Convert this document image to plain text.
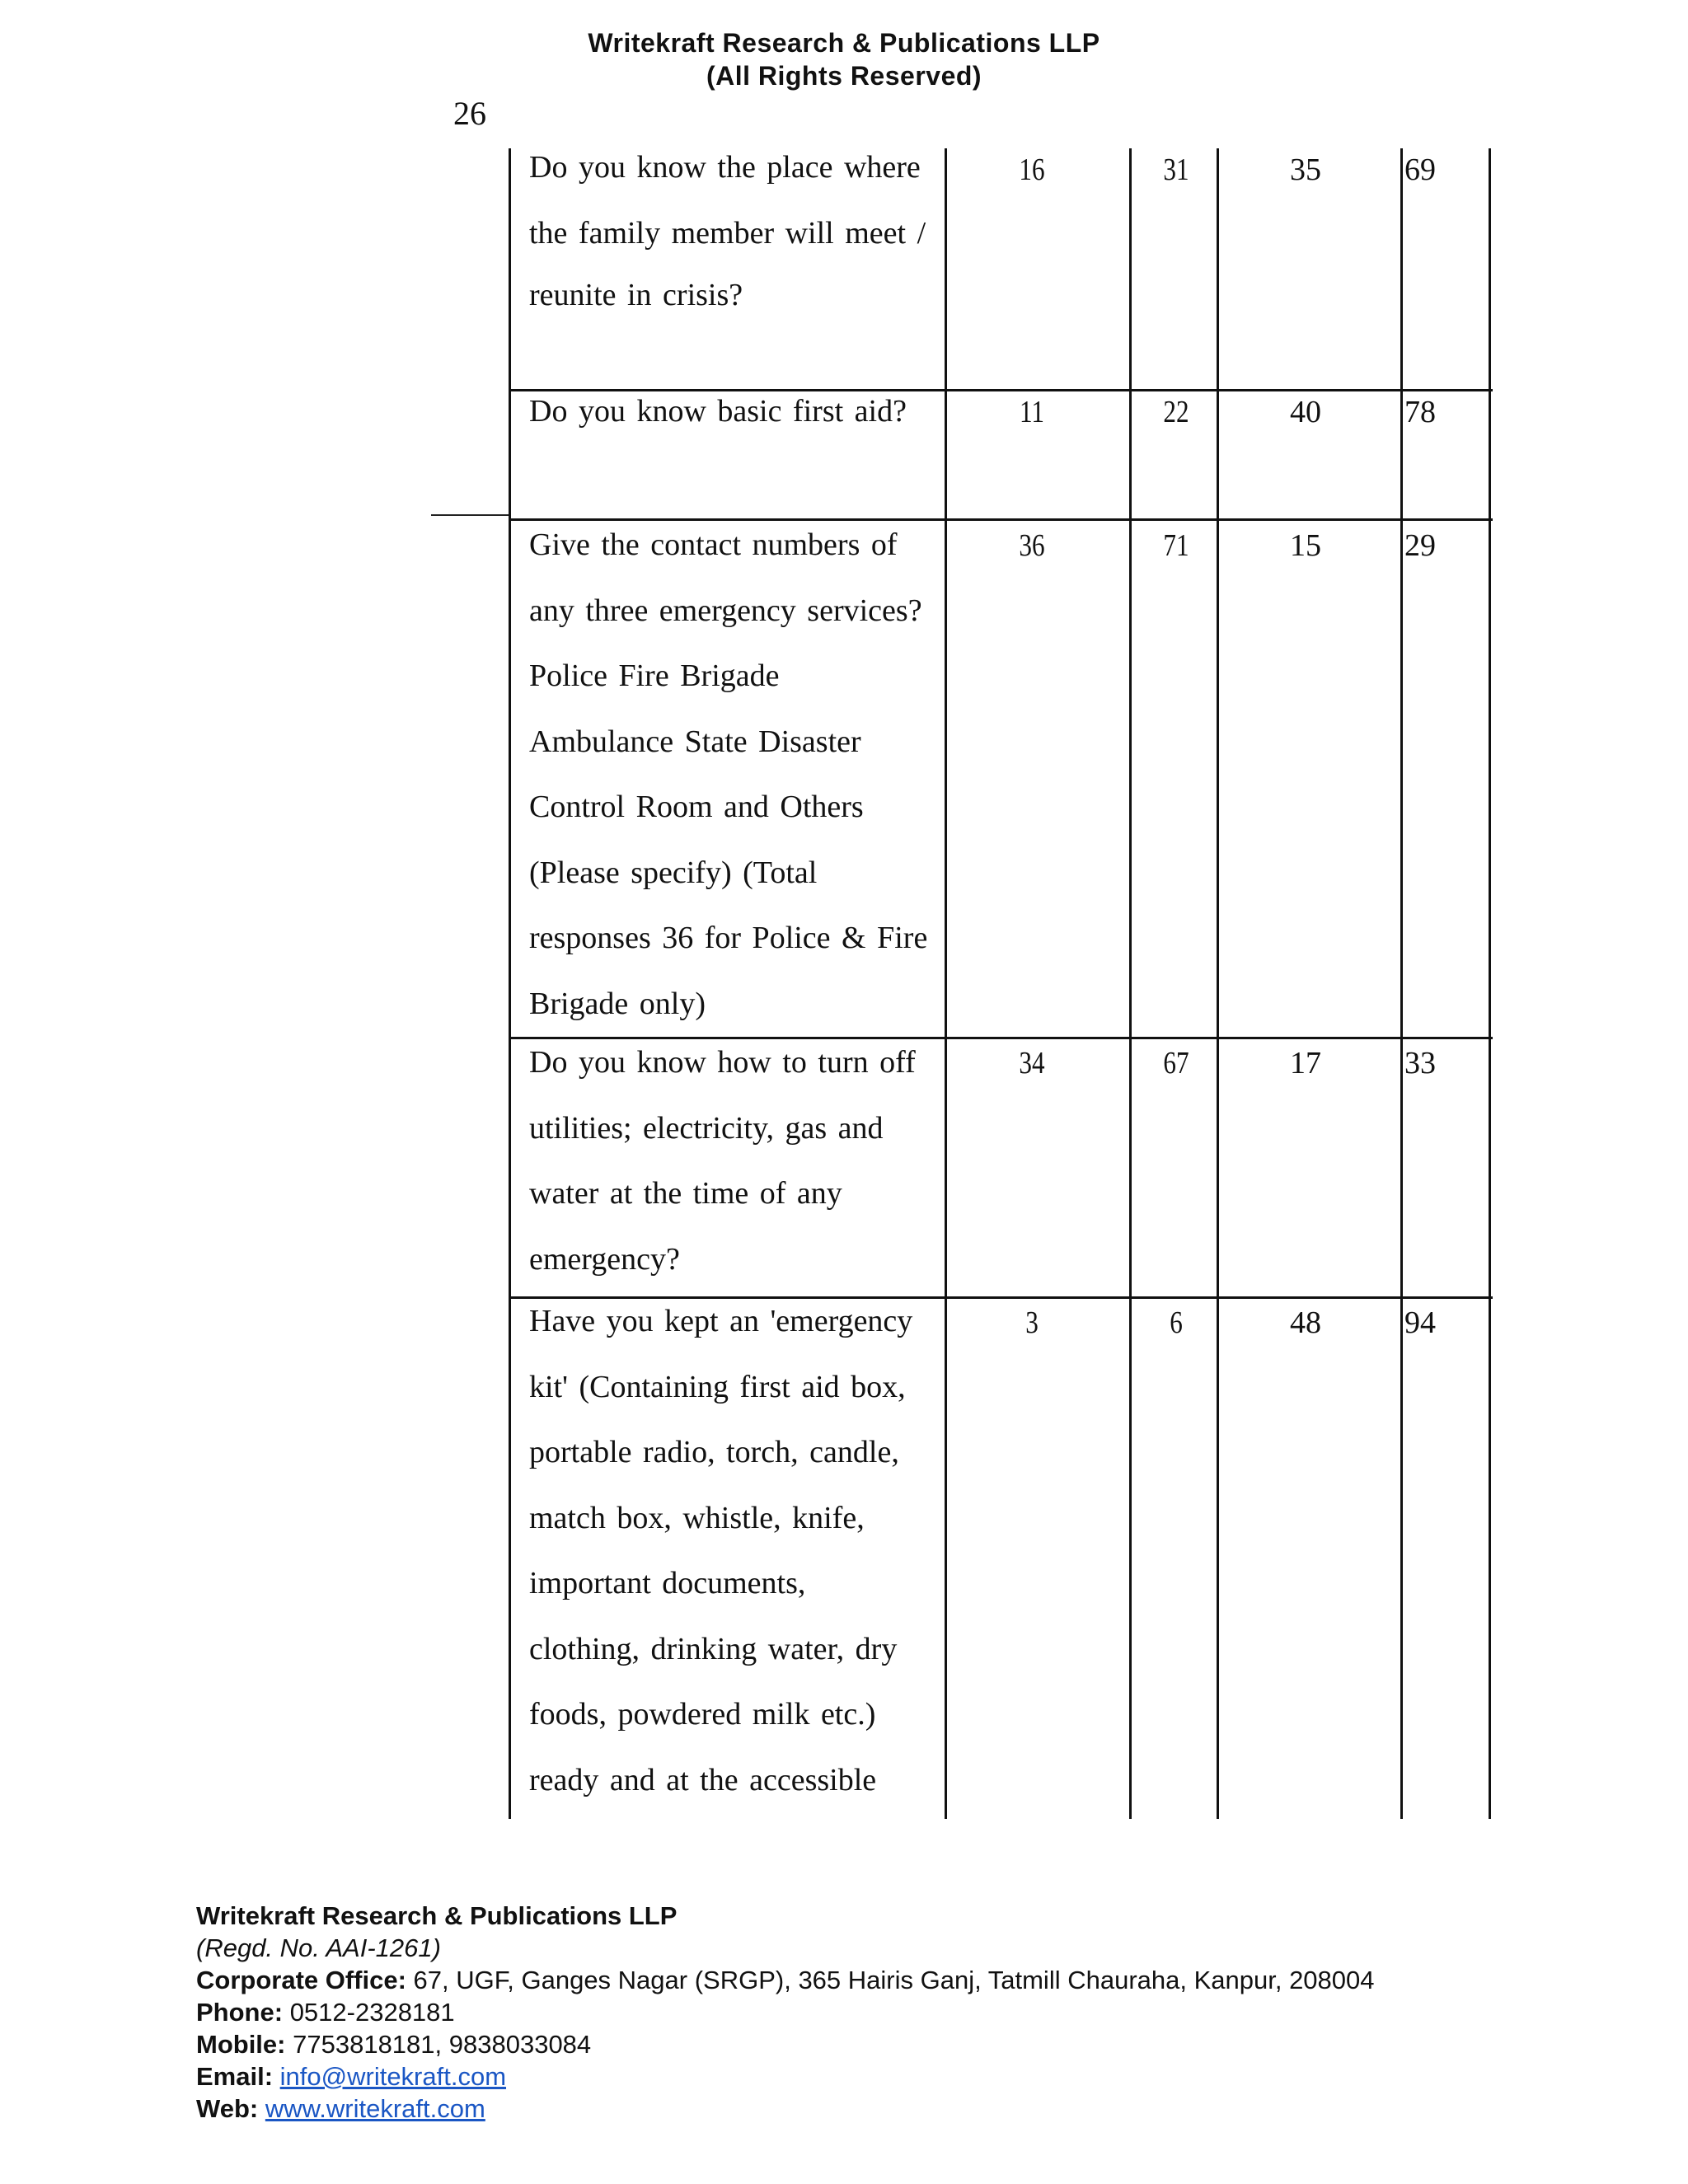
Writekraft Research & Publications LLP
(All Rights Reserved)
26
Do you know the place where
the family member will meet /
reunite in crisis?
16	31	35	69
Do you know basic first aid?	11	22	40	78
Give the contact numbers of
any three emergency services?
Police Fire Brigade
Ambulance State Disaster
Control Room and Others
(Please specify) (Total
responses 36 for Police & Fire
Brigade only)
36	71	15	29
Do you know how to turn off
utilities; electricity, gas and
water at the time of any
emergency?
34	67	17	33
Have you kept an 'emergency
kit' (Containing first aid box,
portable radio, torch, candle,
match box, whistle, knife,
important documents,
clothing, drinking water, dry
foods, powdered milk etc.)
ready and at the accessible
3	6	48	94
Writekraft Research & Publications LLP
(Regd. No. AAI-1261)
Corporate Office: 67, UGF, Ganges Nagar (SRGP), 365 Hairis Ganj, Tatmill Chauraha, Kanpur, 208004
Phone: 0512-2328181
Mobile: 7753818181, 9838033084
Email: info@writekraft.com
Web: www.writekraft.com
